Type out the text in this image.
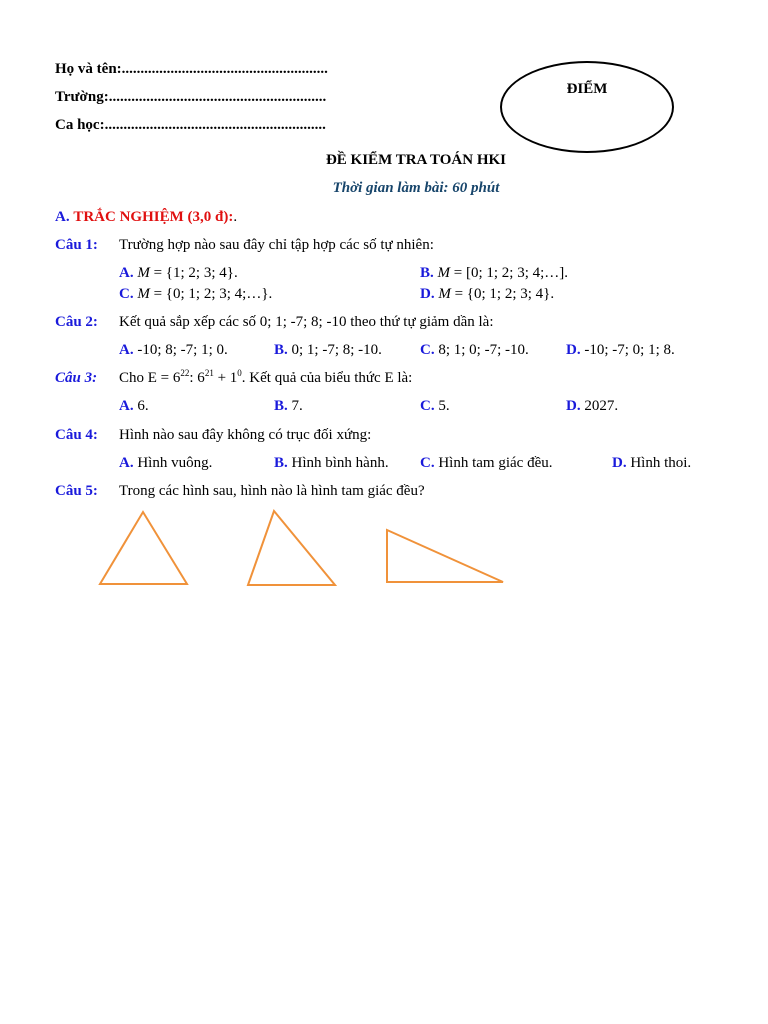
Họ và tên:.......................................................
Trường:..........................................................
Ca học:...........................................................
ĐIỂM
ĐỀ KIỂM TRA TOÁN HKI
Thời gian làm bài: 60 phút
A. TRẮC NGHIỆM (3,0 đ):.
Câu 1: Trường hợp nào sau đây chỉ tập hợp các số tự nhiên:
A. M = {1; 2; 3; 4}.	B. M = [0; 1; 2; 3; 4;…].
C. M = {0; 1; 2; 3; 4;…}.	D. M = {0; 1; 2; 3; 4}.
Câu 2: Kết quả sắp xếp các số 0; 1; -7; 8; -10 theo thứ tự giảm dần là:
A. -10; 8; -7; 1; 0.	B. 0; 1; -7; 8; -10.	C. 8; 1; 0; -7; -10. D. -10; -7; 0; 1; 8.
Câu 3: Cho $E = 6^{22}$: $6^{21} + 1^0$. Kết quả của biểu thức E là:
A. 6.	B. 7.	C. 5.	D. 2027.
Câu 4: Hình nào sau đây không có trục đối xứng:
A. Hình vuông.	B. Hình bình hành. C. Hình tam giác đều.	D. Hình thoi.
Câu 5: Trong các hình sau, hình nào là hình tam giác đều?
